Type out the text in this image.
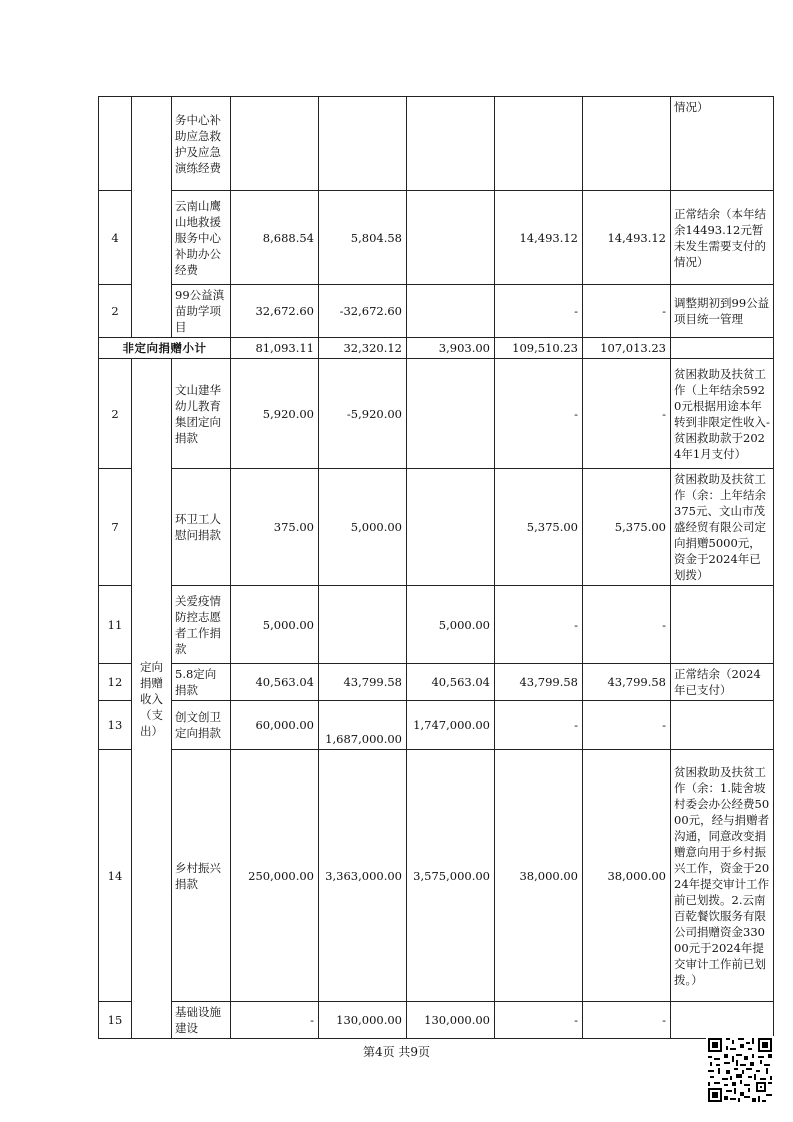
		务中心补助应急救护及应急演练经费						情况）
4		云南山鹰山地救援服务中心补助办公经费	8,688.54	5,804.58		14,493.12	14,493.12	正常结余（本年结余14493.12元暂未发生需要支付的情况）
2		99公益滇苗助学项目	32,672.60	-32,672.60		-	-	调整期初到99公益项目统一管理
非定向捐赠小计			81,093.11	32,320.12	3,903.00	109,510.23	107,013.23	
2	定向捐赠收入（支出）	文山建华幼儿教育集团定向捐款	5,920.00	-5,920.00		-	-	贫困救助及扶贫工作（上年结余5920元根据用途本年转到非限定性收入-贫困救助款于2024年1月支付）
7		环卫工人慰问捐款	375.00	5,000.00		5,375.00	5,375.00	贫困救助及扶贫工作（余：上年结余375元、文山市茂盛经贸有限公司定向捐赠5000元，资金于2024年已划拨）
11		关爱疫情防控志愿者工作捐款	5,000.00		5,000.00	-	-	
12		5.8定向捐款	40,563.04	43,799.58	40,563.04	43,799.58	43,799.58	正常结余（2024年已支付）
13		创文创卫定向捐款	60,000.00	1,687,000.00	1,747,000.00	-	-	
14		乡村振兴捐款	250,000.00	3,363,000.00	3,575,000.00	38,000.00	38,000.00	贫困救助及扶贫工作（余：1.陡舍坡村委会办公经费5000元，经与捐赠者沟通，同意改变捐赠意向用于乡村振兴工作，资金于2024年提交审计工作前已划拨。2.云南百乾餐饮服务有限公司捐赠资金33000元于2024年提交审计工作前已划拨。）
15		基础设施建设	-	130,000.00	130,000.00	-	-	
第4页 共9页
